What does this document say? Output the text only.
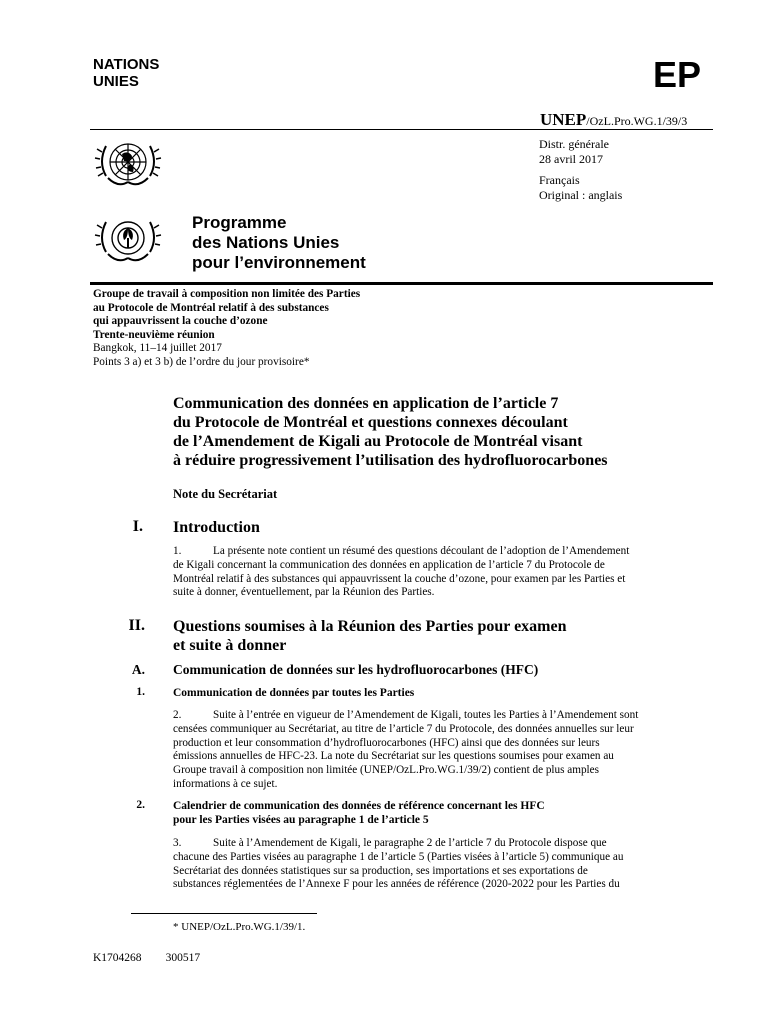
NATIONS
UNIES	EP
UNEP/OzL.Pro.WG.1/39/3
Distr. générale
28 avril 2017
Français
Original : anglais
Programme
des Nations Unies
pour l’environnement
Groupe de travail à composition non limitée des Parties
au Protocole de Montréal relatif à des substances
qui appauvrissent la couche d’ozone
Trente-neuvième réunion
Bangkok, 11–14 juillet 2017
Points 3 a) et 3 b) de l’ordre du jour provisoire*
Communication des données en application de l’article 7
du Protocole de Montréal et questions connexes découlant
de l’Amendement de Kigali au Protocole de Montréal visant
à réduire progressivement l’utilisation des hydrofluorocarbones
Note du Secrétariat
I. Introduction
1.	La présente note contient un résumé des questions découlant de l’adoption de l’Amendement
de Kigali concernant la communication des données en application de l’article 7 du Protocole de
Montréal relatif à des substances qui appauvrissent la couche d’ozone, pour examen par les Parties et
suite à donner, éventuellement, par la Réunion des Parties.
II. Questions soumises à la Réunion des Parties pour examen
et suite à donner
A. Communication de données sur les hydrofluorocarbones (HFC)
1. Communication de données par toutes les Parties
2.	Suite à l’entrée en vigueur de l’Amendement de Kigali, toutes les Parties à l’Amendement sont
censées communiquer au Secrétariat, au titre de l’article 7 du Protocole, des données annuelles sur leur
production et leur consommation d’hydrofluorocarbones (HFC) ainsi que des données sur leurs
émissions annuelles de HFC-23. La note du Secrétariat sur les questions soumises pour examen au
Groupe travail à composition non limitée (UNEP/OzL.Pro.WG.1/39/2) contient de plus amples
informations à ce sujet.
2. Calendrier de communication des données de référence concernant les HFC
pour les Parties visées au paragraphe 1 de l’article 5
3.	Suite à l’Amendement de Kigali, le paragraphe 2 de l’article 7 du Protocole dispose que
chacune des Parties visées au paragraphe 1 de l’article 5 (Parties visées à l’article 5) communique au
Secrétariat des données statistiques sur sa production, ses importations et ses exportations de
substances réglementées de l’Annexe F pour les années de référence (2020-2022 pour les Parties du
* UNEP/OzL.Pro.WG.1/39/1.
K1704268 300517
